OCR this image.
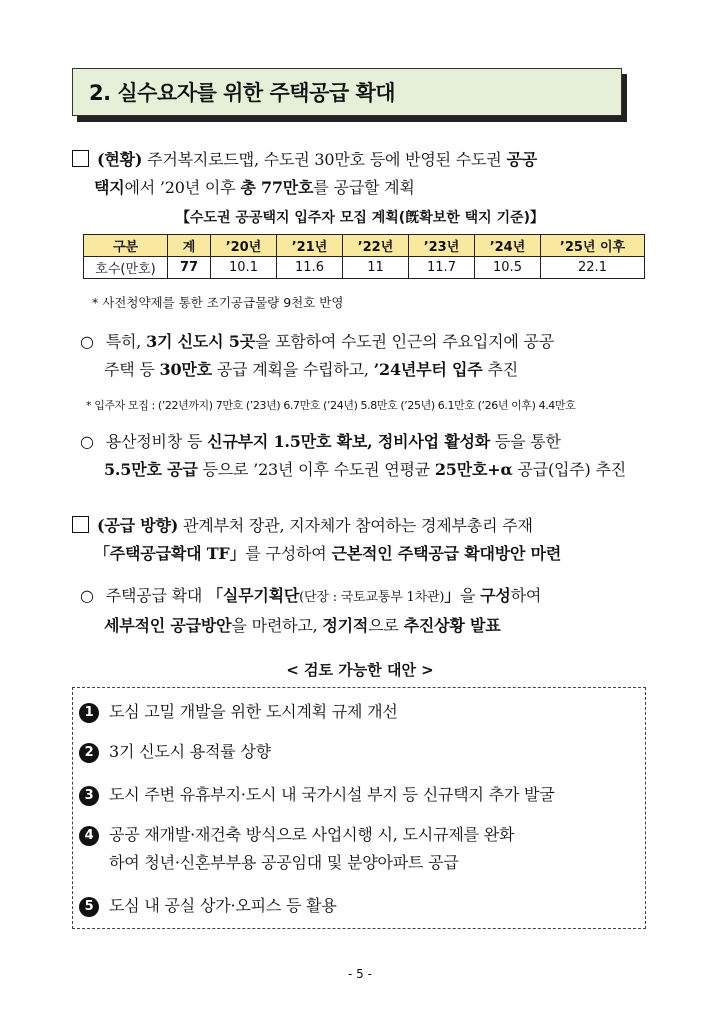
2. 실수요자를 위한 주택공급 확대
(현황) 주거복지로드맵, 수도권 30만호 등에 반영된 수도권 공공
택지에서 ’20년 이후 총 77만호를 공급할 계획
【수도권 공공택지 입주자 모집 계획(旣확보한 택지 기준)】
구분	계	’20년	’21년	’22년	’23년	’24년	’25년 이후
호수(만호)	77	10.1	11.6	11	11.7	10.5	22.1
* 사전청약제를 통한 조기공급물량 9천호 반영
○ 특히, 3기 신도시 5곳을 포함하여 수도권 인근의 주요입지에 공공
주택 등 30만호 공급 계획을 수립하고, ’24년부터 입주 추진
* 입주자 모집 : (’22년까지) 7만호 (’23년) 6.7만호 (’24년) 5.8만호 (’25년) 6.1만호 (’26년 이후) 4.4만호
○ 용산정비창 등 신규부지 1.5만호 확보, 정비사업 활성화 등을 통한
5.5만호 공급 등으로 ’23년 이후 수도권 연평균 25만호+α 공급(입주) 추진
(공급 방향) 관계부처 장관, 지자체가 참여하는 경제부총리 주재
「주택공급확대 TF」를 구성하여 근본적인 주택공급 확대방안 마련
○ 주택공급 확대 「실무기획단(단장 : 국토교통부 1차관)」을 구성하여
세부적인 공급방안을 마련하고, 정기적으로 추진상황 발표
< 검토 가능한 대안 >
1 도심 고밀 개발을 위한 도시계획 규제 개선
2 3기 신도시 용적률 상향
3 도시 주변 유휴부지·도시 내 국가시설 부지 등 신규택지 추가 발굴
4 공공 재개발·재건축 방식으로 사업시행 시, 도시규제를 완화
하여 청년·신혼부부용 공공임대 및 분양아파트 공급
5 도심 내 공실 상가·오피스 등 활용
- 5 -
